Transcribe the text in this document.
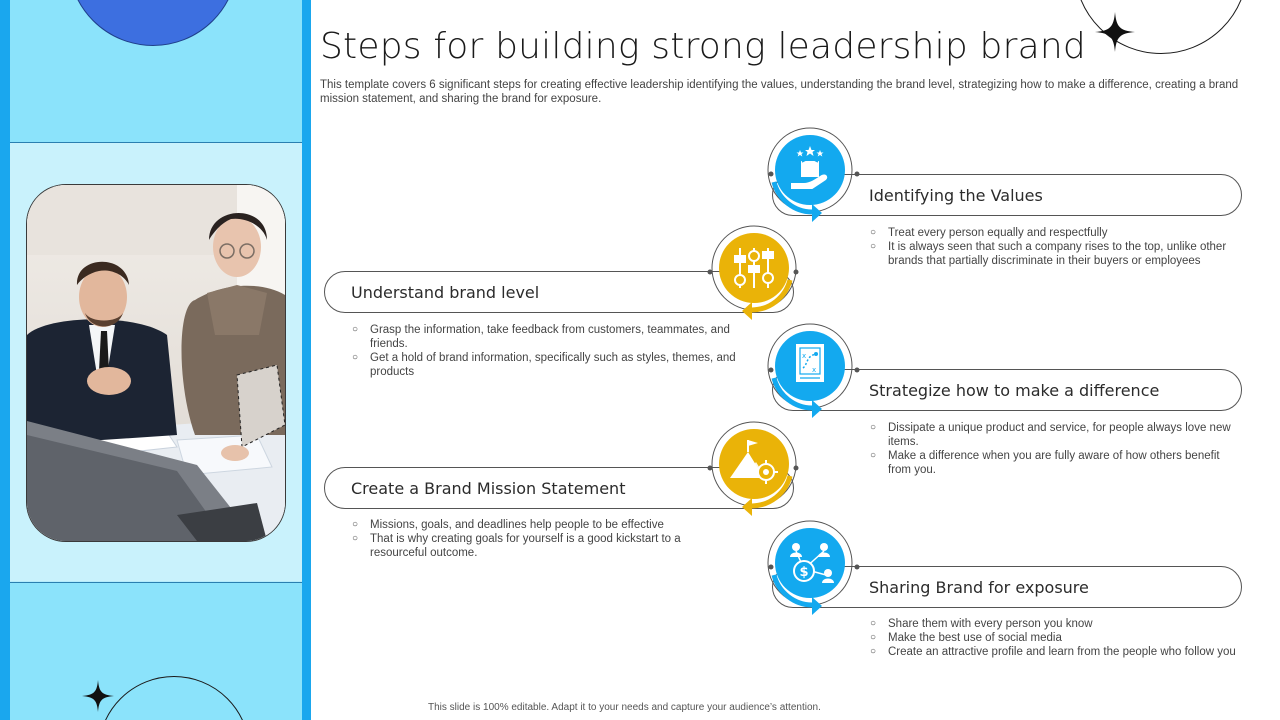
Steps for building strong leadership brand

This template covers 6 significant steps for creating effective leadership identifying the values, understanding the brand level, strategizing how to make a difference, creating a brand mission statement, and sharing the brand for exposure.

Identifying the Values
○ Treat every person equally and respectfully
○ It is always seen that such a company rises to the top, unlike other brands that partially discriminate in their buyers or employees
Understand brand level
○ Grasp the information, take feedback from customers, teammates, and friends.
○ Get a hold of brand information, specifically such as styles, themes, and products
Strategize how to make a difference
x
x
○ Dissipate a unique product and service, for people always love new items.
○ Make a difference when you are fully aware of how others benefit from you.
Create a Brand Mission Statement
○ Missions, goals, and deadlines help people to be effective
○ That is why creating goals for yourself is a good kickstart to a resourceful outcome.
Sharing Brand for exposure
$
○ Share them with every person you know
○ Make the best use of social media
○ Create an attractive profile and learn from the people who follow you

This slide is 100% editable. Adapt it to your needs and capture your audience’s attention.
